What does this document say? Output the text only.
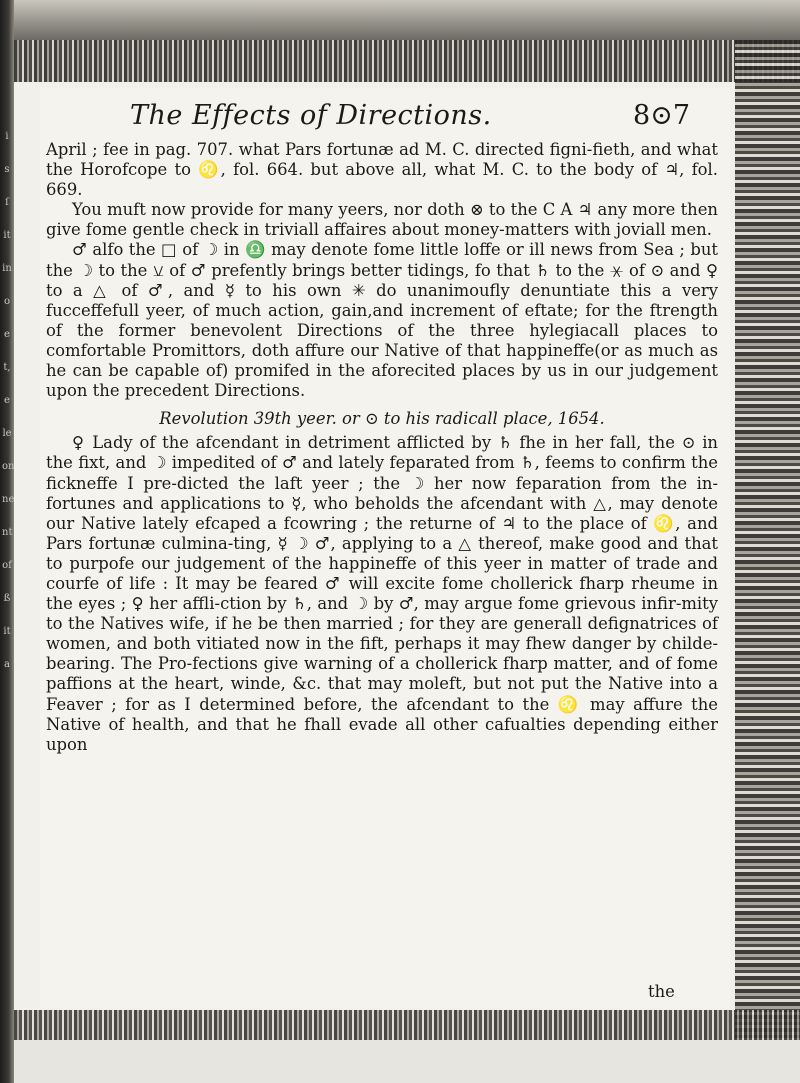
i
s
ſ
it
in
o
e
t,
e
le
on
ne
nt
of
ß
it
a
The Effects of Directions.	8⊙7

April ; fee in pag. 707. what Pars fortunæ ad M. C. directed figni-fieth, and what the Horofcope to ♌, fol. 664. but above all, what M. C. to the body of ♃, fol. 669.

You muft now provide for many yeers, nor doth ⊗ to the C A ♃ any more then give fome gentle check in triviall affaires about money-matters with joviall men.

♂ alfo the □ of ☽ in ♎ may denote fome little loffe or ill news from Sea ; but the ☽ to the ⚺ of ♂ prefently brings better tidings, fo that ♄ to the ⚹ of ⊙ and ♀ to a △ of ♂, and ☿ to his own ✳ do unanimoufly denuntiate this a very fucceffefull yeer, of much action, gain,and increment of eftate; for the ftrength of the former benevolent Directions of the three hylegiacall places to comfortable Promittors, doth affure our Native of that happineffe(or as much as he can be capable of) promifed in the aforecited places by us in our judgement upon the precedent Directions.

Revolution 39th yeer. or ⊙ to his radicall place, 1654.

♀ Lady of the afcendant in detriment afflicted by ♄ fhe in her fall, the ⊙ in the fixt, and ☽ impedited of ♂ and lately feparated from ♄, feems to confirm the fickneffe I pre-dicted the laft yeer ; the ☽ her now feparation from the in-fortunes and applications to ☿, who beholds the afcendant with △, may denote our Native lately efcaped a fcowring ; the returne of ♃ to the place of ♌, and Pars fortunæ culmina-ting, ☿ ☽ ♂, applying to a △ thereof, make good and that to purpofe our judgement of the happineffe of this yeer in matter of trade and courfe of life : It may be feared ♂ will excite fome chollerick fharp rheume in the eyes ; ♀ her affli-ction by ♄, and ☽ by ♂, may argue fome grievous infir-mity to the Natives wife, if he be then married ; for they are generall defignatrices of women, and both vitiated now in the fift, perhaps it may fhew danger by childe-bearing. The Pro-fections give warning of a chollerick fharp matter, and of fome paffions at the heart, winde, &c. that may moleft, but not put the Native into a Feaver ; for as I determined before, the afcendant to the ♌ may affure the Native of health, and that he fhall evade all other cafualties depending either upon

the
